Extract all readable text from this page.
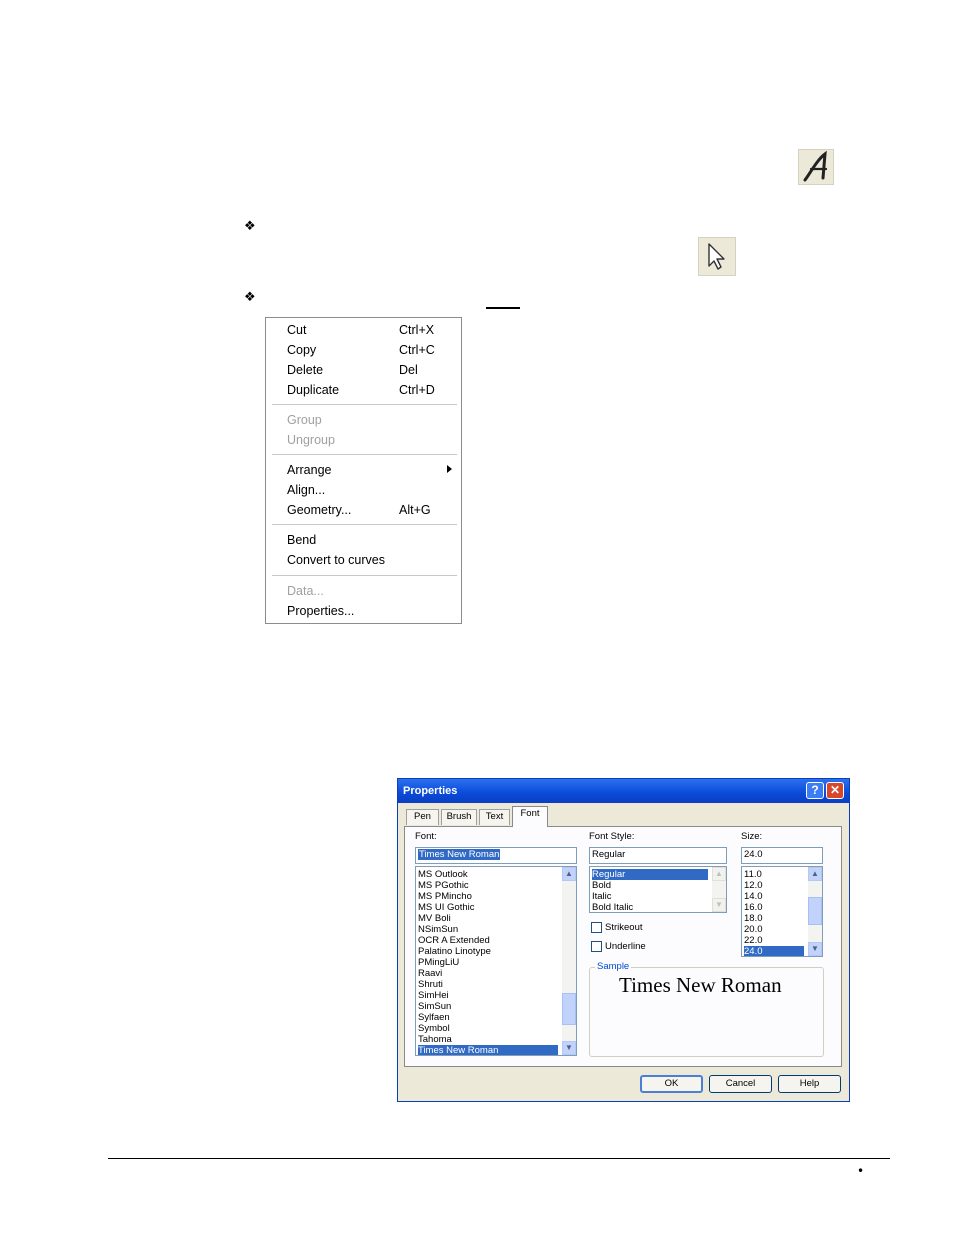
❖
❖
Cut	Ctrl+X
Copy	Ctrl+C
Delete	Del
Duplicate	Ctrl+D
Group
Ungroup
Arrange
Align...
Geometry...	Alt+G
Bend
Convert to curves
Data...
Properties...
Properties	? ✕
Pen	Brush	Text	Font
Font:
Times New Roman
Times New Roman
Tahoma
Symbol
Sylfaen
SimSun
SimHei
Shruti
Raavi
PMingLiU
Palatino Linotype
OCR A Extended
NSimSun
MV Boli
MS UI Gothic
MS PMincho
MS PGothic
MS Outlook	▲
▼
Font Style:
Regular
Bold Italic
Italic
Bold
Regular	▲
▼
Size:
24.0
24.0
22.0
20.0
18.0
16.0
14.0
12.0
11.0	▲
▼
Strikeout
Underline
Sample
Times New Roman
OK	Cancel	Help
•
